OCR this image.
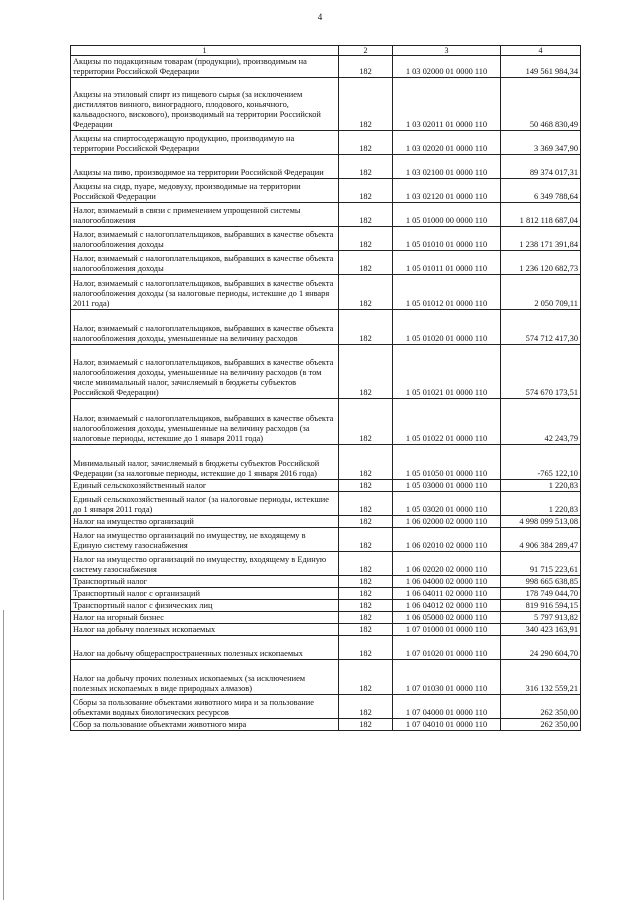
4
1	2	3	4
Акцизы по подакцизным товарам (продукции), производимым на территории Российской Федерации	182	1 03 02000 01 0000 110	149 561 984,34
Акцизы на этиловый спирт из пищевого сырья (за исключением дистиллятов винного, виноградного, плодового, коньячного, кальвадосного, вискового), производимый на территории Российской Федерации	182	1 03 02011 01 0000 110	50 468 830,49
Акцизы на спиртосодержащую продукцию, производимую на территории Российской Федерации	182	1 03 02020 01 0000 110	3 369 347,90
Акцизы на пиво, производимое на территории Российской Федерации	182	1 03 02100 01 0000 110	89 374 017,31
Акцизы на сидр, пуаре, медовуху, производимые на территории Российской Федерации	182	1 03 02120 01 0000 110	6 349 788,64
Налог, взимаемый в связи с применением упрощенной системы налогообложения	182	1 05 01000 00 0000 110	1 812 118 687,04
Налог, взимаемый с налогоплательщиков, выбравших в качестве объекта налогообложения доходы	182	1 05 01010 01 0000 110	1 238 171 391,84
Налог, взимаемый с налогоплательщиков, выбравших в качестве объекта налогообложения доходы	182	1 05 01011 01 0000 110	1 236 120 682,73
Налог, взимаемый с налогоплательщиков, выбравших в качестве объекта налогообложения доходы (за налоговые периоды, истекшие до 1 января 2011 года)	182	1 05 01012 01 0000 110	2 050 709,11
Налог, взимаемый с налогоплательщиков, выбравших в качестве объекта налогообложения доходы, уменьшенные на величину расходов	182	1 05 01020 01 0000 110	574 712 417,30
Налог, взимаемый с налогоплательщиков, выбравших в качестве объекта налогообложения доходы, уменьшенные на величину расходов (в том числе минимальный налог, зачисляемый в бюджеты субъектов Российской Федерации)	182	1 05 01021 01 0000 110	574 670 173,51
Налог, взимаемый с налогоплательщиков, выбравших в качестве объекта налогообложения доходы, уменьшенные на величину расходов (за налоговые периоды, истекшие до 1 января 2011 года)	182	1 05 01022 01 0000 110	42 243,79
Минимальный налог, зачисляемый в бюджеты субъектов Российской Федерации (за налоговые периоды, истекшие до 1 января 2016 года)	182	1 05 01050 01 0000 110	-765 122,10
Единый сельскохозяйственный налог	182	1 05 03000 01 0000 110	1 220,83
Единый сельскохозяйственный налог (за налоговые периоды, истекшие до 1 января 2011 года)	182	1 05 03020 01 0000 110	1 220,83
Налог на имущество организаций	182	1 06 02000 02 0000 110	4 998 099 513,08
Налог на имущество организаций по имуществу, не входящему в Единую систему газоснабжения	182	1 06 02010 02 0000 110	4 906 384 289,47
Налог на имущество организаций по имуществу, входящему в Единую систему газоснабжения	182	1 06 02020 02 0000 110	91 715 223,61
Транспортный налог	182	1 06 04000 02 0000 110	998 665 638,85
Транспортный налог с организаций	182	1 06 04011 02 0000 110	178 749 044,70
Транспортный налог с физических лиц	182	1 06 04012 02 0000 110	819 916 594,15
Налог на игорный бизнес	182	1 06 05000 02 0000 110	5 797 913,82
Налог на добычу полезных ископаемых	182	1 07 01000 01 0000 110	340 423 163,91
Налог на добычу общераспространенных полезных ископаемых	182	1 07 01020 01 0000 110	24 290 604,70
Налог на добычу прочих полезных ископаемых (за исключением полезных ископаемых в виде природных алмазов)	182	1 07 01030 01 0000 110	316 132 559,21
Сборы за пользование объектами животного мира и за пользование объектами водных биологических ресурсов	182	1 07 04000 01 0000 110	262 350,00
Сбор за пользование объектами животного мира	182	1 07 04010 01 0000 110	262 350,00
